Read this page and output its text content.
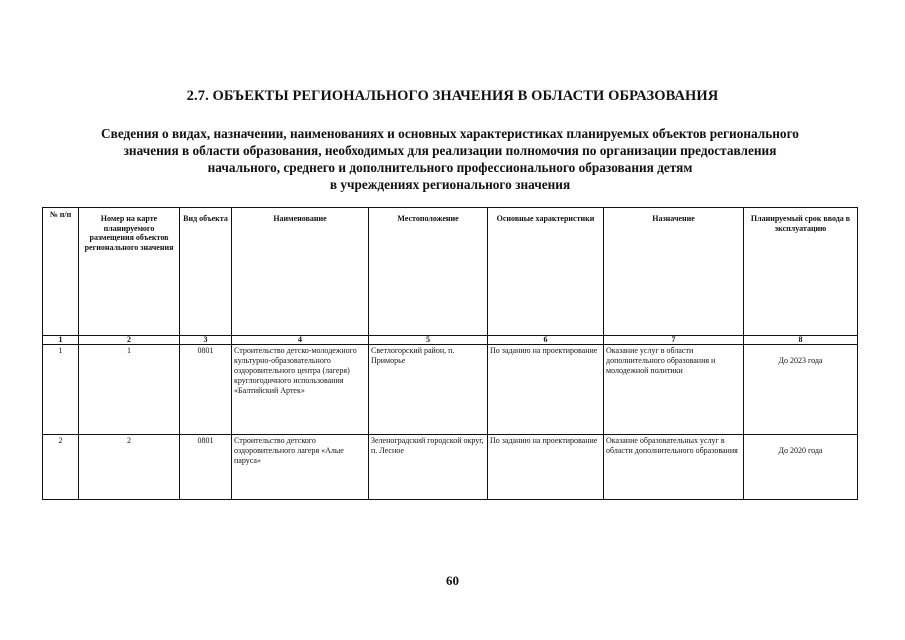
2.7. ОБЪЕКТЫ РЕГИОНАЛЬНОГО ЗНАЧЕНИЯ В ОБЛАСТИ ОБРАЗОВАНИЯ
Сведения о видах, назначении, наименованиях и основных характеристиках планируемых объектов регионального
значения в области образования, необходимых для реализации полномочия по организации предоставления
начального, среднего и дополнительного профессионального образования детям
в учреждениях регионального значения
№ п/п	Номер на карте планируемого размещения объектов регионального значения	Вид объекта	Наименование	Местоположение	Основные характеристики	Назначение	Планируемый срок ввода в эксплуатацию
1	2	3	4	5	6	7	8
1	1	0801	Строительство детско-молодежного культурно-образовательного оздоровительного центра (лагеря) круглогодичного использования «Балтийский Артек»	Светлогорский район, п. Приморье	По заданию на проектирование	Оказание услуг в области дополнительного образования и молодежной политики	До 2023 года
2	2	0801	Строительство детского оздоровительного лагеря «Алые паруса»	Зеленоградский городской округ, п. Лесное	По заданию на проектирование	Оказание образовательных услуг в области дополнительного образования	До 2020 года
60
